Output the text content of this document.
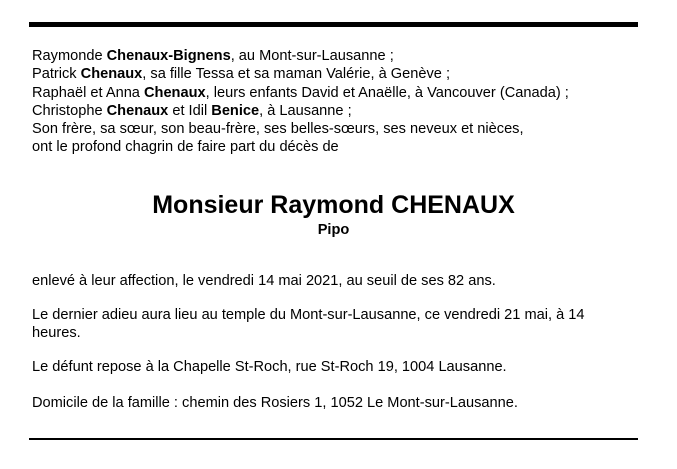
Raymonde Chenaux-Bignens, au Mont-sur-Lausanne ;
Patrick Chenaux, sa fille Tessa et sa maman Valérie, à Genève ;
Raphaël et Anna Chenaux, leurs enfants David et Anaëlle, à Vancouver (Canada) ;
Christophe Chenaux et Idil Benice, à Lausanne ;
Son frère, sa sœur, son beau-frère, ses belles-sœurs, ses neveux et nièces,
ont le profond chagrin de faire part du décès de
Monsieur Raymond CHENAUX
Pipo
enlevé à leur affection, le vendredi 14 mai 2021, au seuil de ses 82 ans.
Le dernier adieu aura lieu au temple du Mont-sur-Lausanne, ce vendredi 21 mai, à 14 heures.
Le défunt repose à la Chapelle St-Roch, rue St-Roch 19, 1004 Lausanne.
Domicile de la famille : chemin des Rosiers 1, 1052 Le Mont-sur-Lausanne.
